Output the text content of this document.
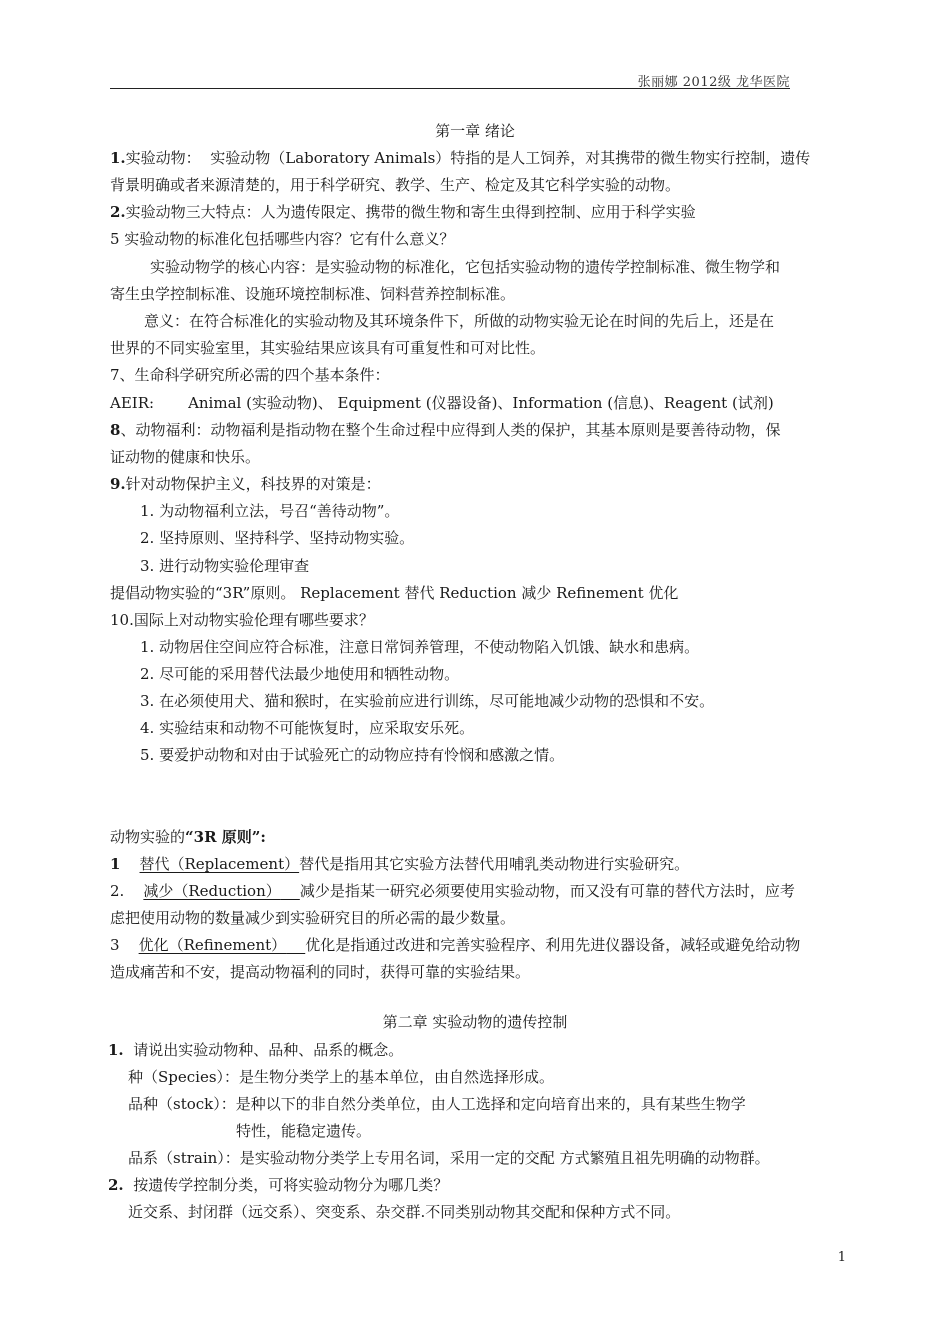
张丽娜 2012级 龙华医院
第一章 绪论
1.实验动物： 实验动物（Laboratory Animals）特指的是人工饲养，对其携带的微生物实行控制，遗传
背景明确或者来源清楚的，用于科学研究、教学、生产、检定及其它科学实验的动物。
2.实验动物三大特点：人为遗传限定、携带的微生物和寄生虫得到控制、应用于科学实验
5 实验动物的标准化包括哪些内容？它有什么意义？
实验动物学的核心内容：是实验动物的标准化，它包括实验动物的遗传学控制标准、微生物学和
寄生虫学控制标准、设施环境控制标准、饲料营养控制标准。
意义：在符合标准化的实验动物及其环境条件下，所做的动物实验无论在时间的先后上，还是在
世界的不同实验室里，其实验结果应该具有可重复性和可对比性。
7、生命科学研究所必需的四个基本条件：
AEIR: Animal (实验动物)、 Equipment (仪器设备)、Information (信息)、Reagent (试剂)
8、动物福利：动物福利是指动物在整个生命过程中应得到人类的保护，其基本原则是要善待动物，保
证动物的健康和快乐。
9.针对动物保护主义，科技界的对策是：
1. 为动物福利立法，号召“善待动物”。
2. 坚持原则、坚持科学、坚持动物实验。
3. 进行动物实验伦理审查
提倡动物实验的“3R”原则。 Replacement 替代 Reduction 减少 Refinement 优化
10.国际上对动物实验伦理有哪些要求？
1. 动物居住空间应符合标准，注意日常饲养管理，不使动物陷入饥饿、缺水和患病。
2. 尽可能的采用替代法最少地使用和牺牲动物。
3. 在必须使用犬、猫和猴时，在实验前应进行训练，尽可能地减少动物的恐惧和不安。
4. 实验结束和动物不可能恢复时，应采取安乐死。
5. 要爱护动物和对由于试验死亡的动物应持有怜悯和感激之情。
动物实验的“3R 原则”:
1 替代（Replacement）替代是指用其它实验方法替代用哺乳类动物进行实验研究。
2. 减少（Reduction） 减少是指某一研究必须要使用实验动物，而又没有可靠的替代方法时，应考
虑把使用动物的数量减少到实验研究目的所必需的最少数量。
3 优化（Refinement） 优化是指通过改进和完善实验程序、利用先进仪器设备，减轻或避免给动物
造成痛苦和不安，提高动物福利的同时，获得可靠的实验结果。
第二章 实验动物的遗传控制
1. 请说出实验动物种、品种、品系的概念。
种（Species）：是生物分类学上的基本单位，由自然选择形成。
品种（stock）：是种以下的非自然分类单位，由人工选择和定向培育出来的，具有某些生物学
特性，能稳定遗传。
品系（strain）：是实验动物分类学上专用名词，采用一定的交配 方式繁殖且祖先明确的动物群。
2. 按遗传学控制分类，可将实验动物分为哪几类？
近交系、封闭群（远交系）、突变系、杂交群.不同类别动物其交配和保种方式不同。
1
